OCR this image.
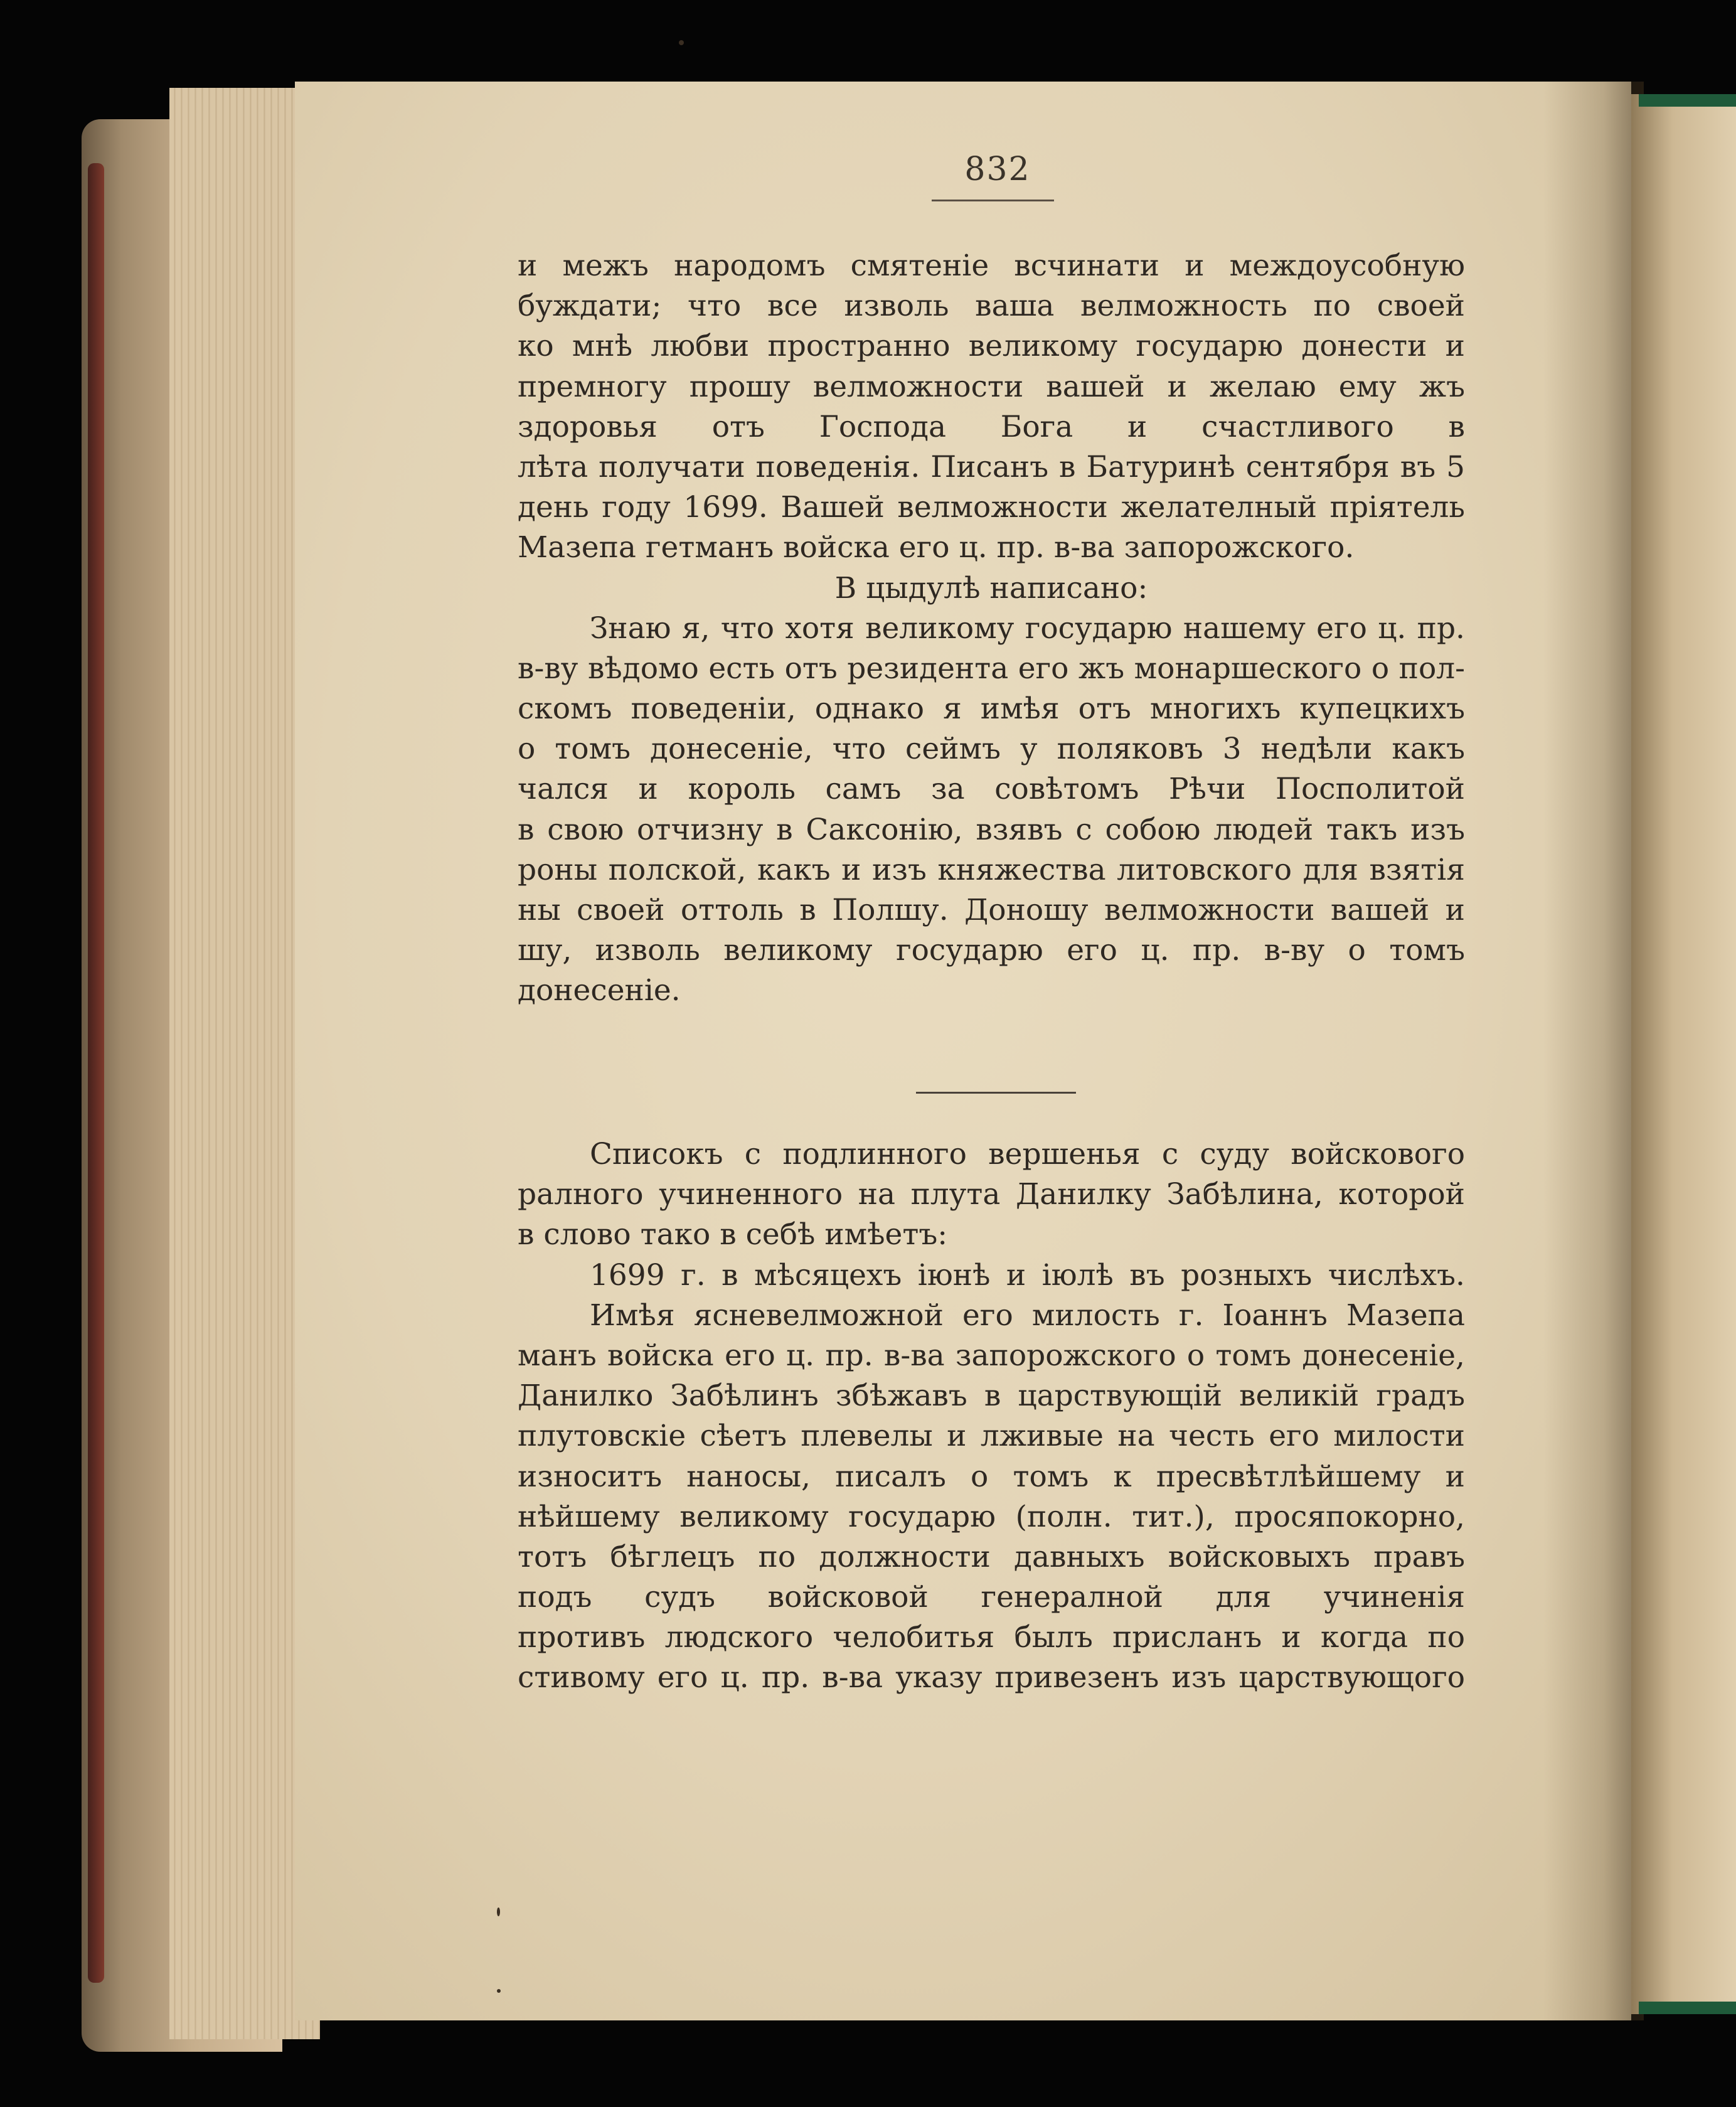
832
и межъ народомъ смятеніе всчинати и междоусобную
буждати; что все изволь ваша велможность по своей
ко мнѣ любви пространно великому государю донести и
премногу прошу велможности вашей и желаю ему жъ
здоровья отъ Господа Бога и счастливого в
лѣта получати поведенія. Писанъ в Батуринѣ сентября въ 5
день году 1699. Вашей велможности желателный пріятель
Мазепа гетманъ войска его ц. пр. в-ва запорожского.
В цыдулѣ написано:
Знаю я, что хотя великому государю нашему его ц. пр.
в-ву вѣдомо есть отъ резидента его жъ монаршеского о пол-
скомъ поведеніи, однако я имѣя отъ многихъ купецкихъ
о томъ донесеніе, что сеймъ у поляковъ 3 недѣли какъ
чался и король самъ за совѣтомъ Рѣчи Посполитой
в свою отчизну в Саксонію, взявъ с собою людей такъ изъ
роны полской, какъ и изъ княжества литовского для взятія
ны своей оттоль в Полшу. Доношу велможности вашей и
шу, изволь великому государю его ц. пр. в-ву о томъ
донесеніе.
Списокъ с подлинного вершенья с суду войскового
ралного учиненного на плута Данилку Забѣлина, которой
в слово тако в себѣ имѣетъ:
1699 г. в мѣсяцехъ іюнѣ и іюлѣ въ розныхъ числѣхъ.
Имѣя ясневелможной его милость г. Іоаннъ Мазепа
манъ войска его ц. пр. в-ва запорожского о томъ донесеніе,
Данилко Забѣлинъ збѣжавъ в царствующій великій градъ
плутовскіе сѣетъ плевелы и лживые на честь его милости
износитъ наносы, писалъ о томъ к пресвѣтлѣйшему и
нѣйшему великому государю (полн. тит.), просяпокорно,
тотъ бѣглецъ по должности давныхъ войсковыхъ правъ
подъ судъ войсковой генералной для учиненія
противъ людского челобитья былъ присланъ и когда по
стивому его ц. пр. в-ва указу привезенъ изъ царствующого
